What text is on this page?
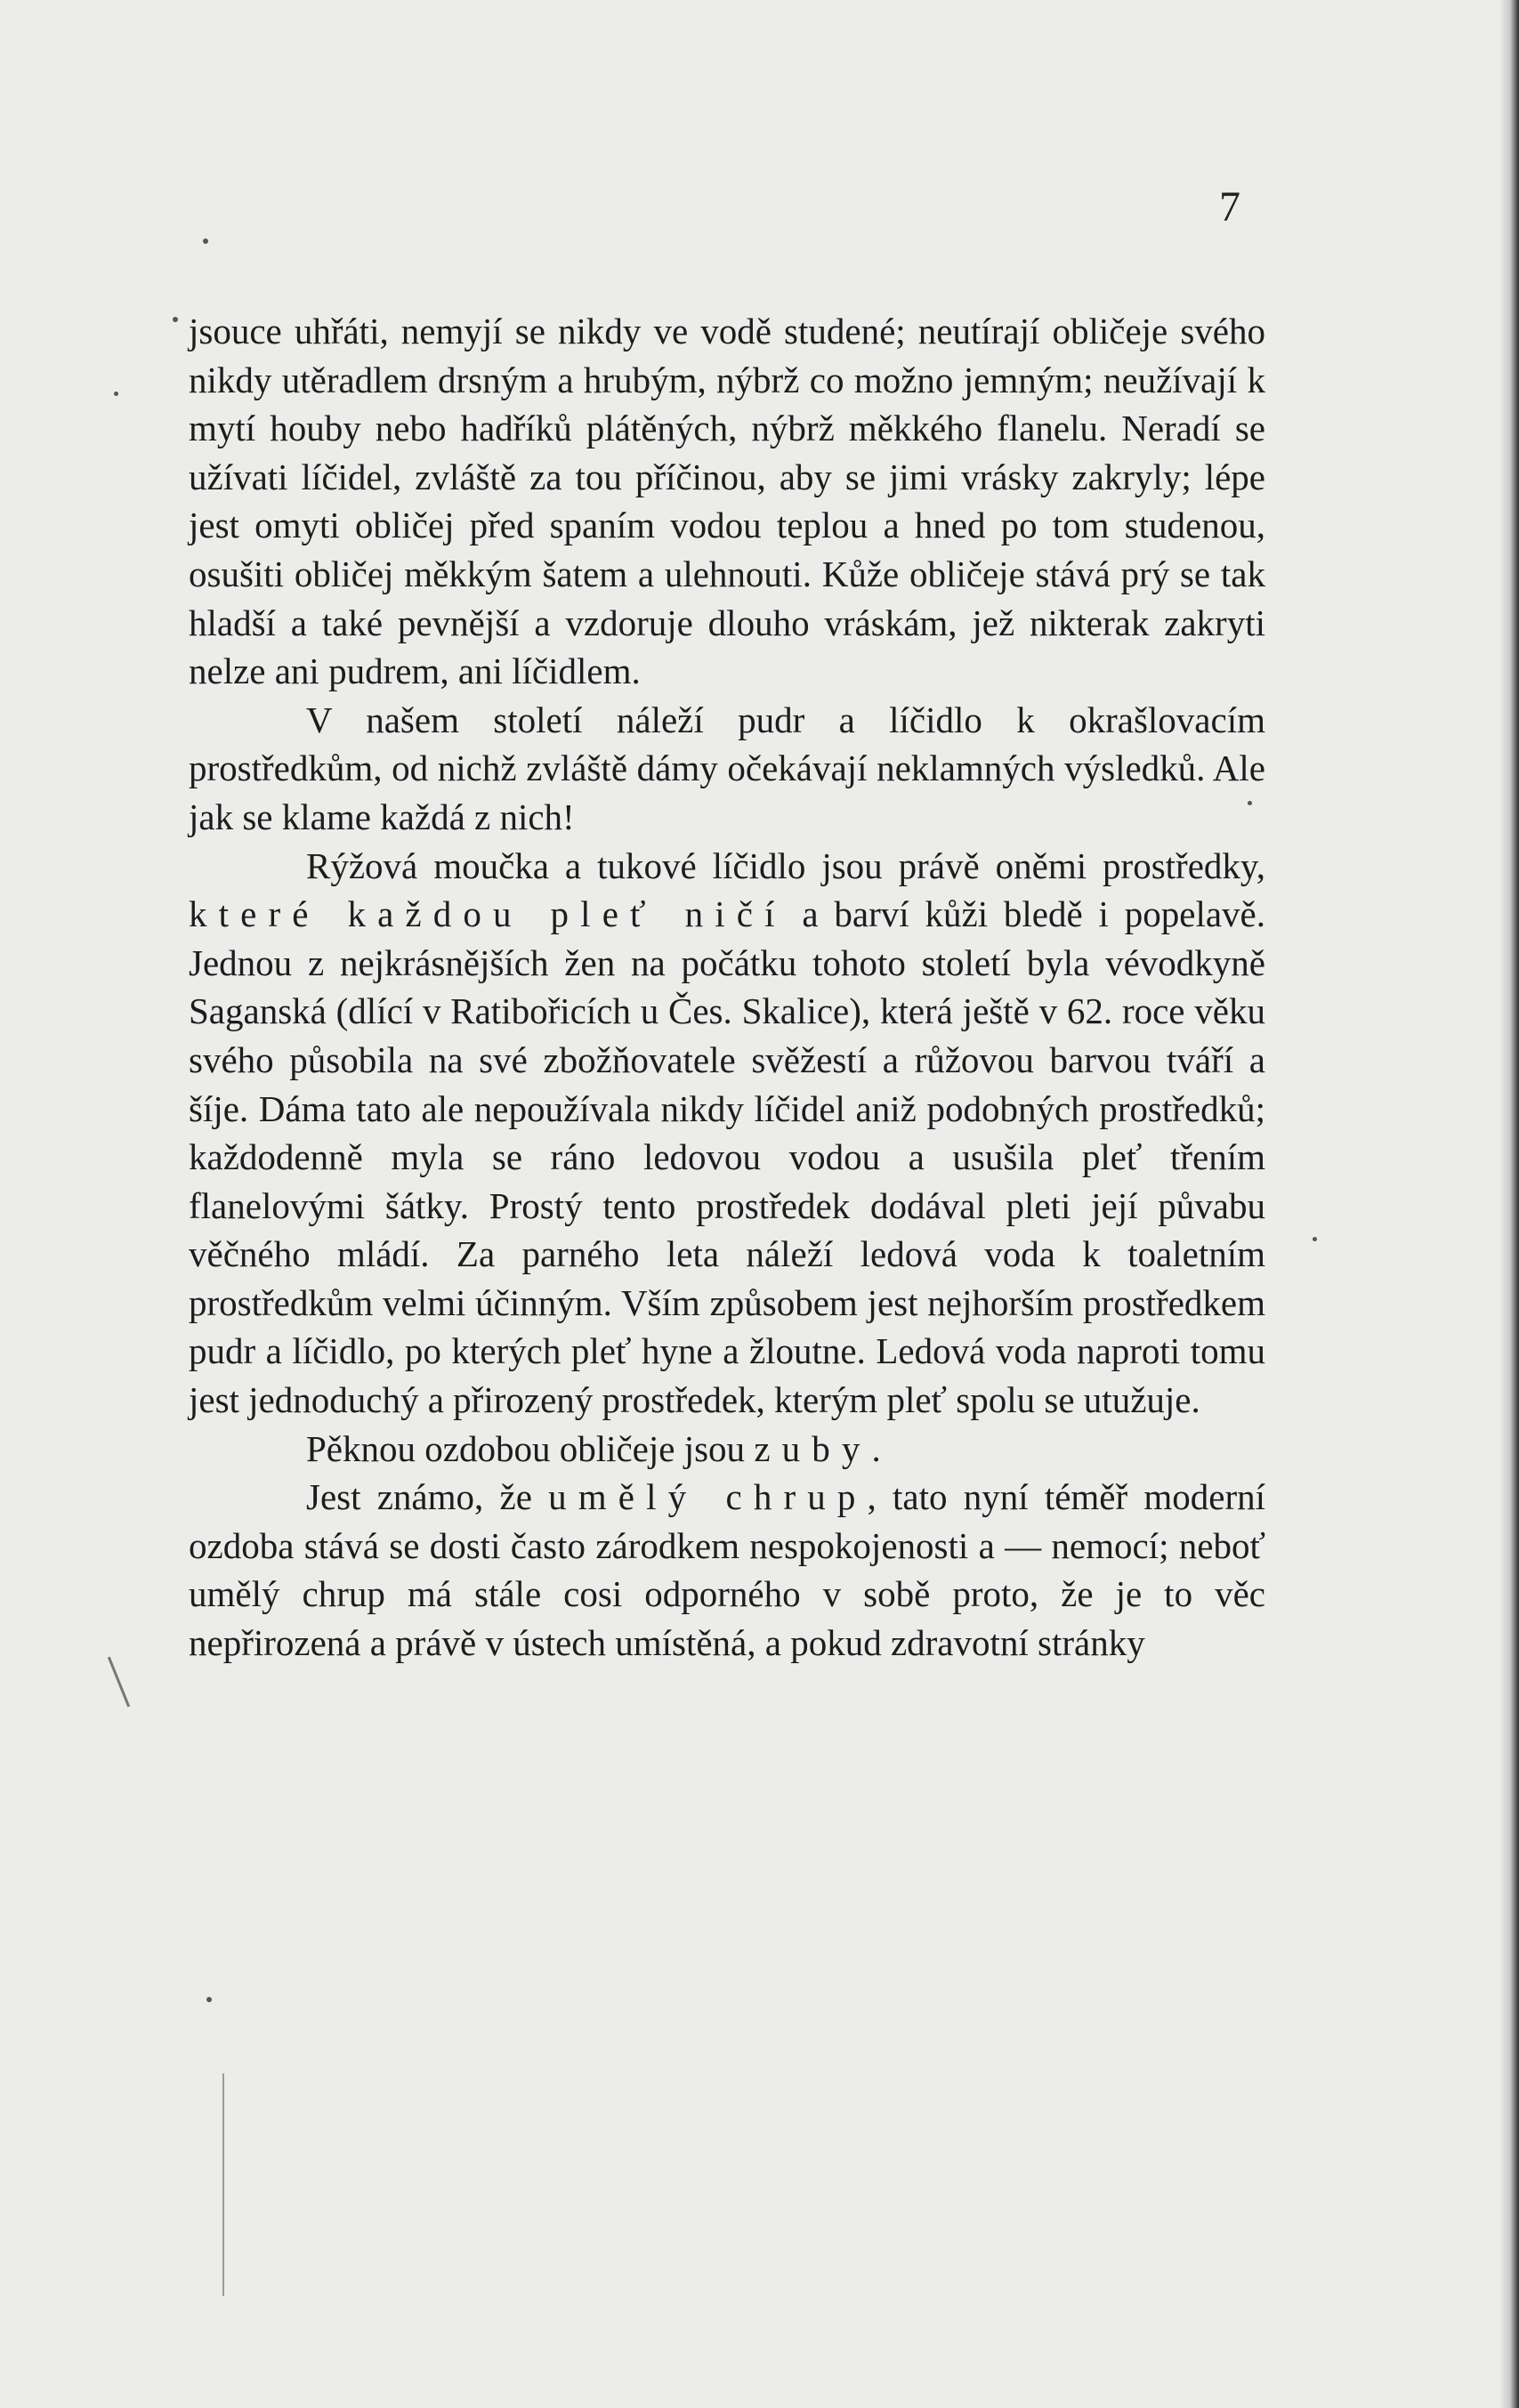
7

jsouce uhřáti, nemyjí se nikdy ve vodě studené; neutírají obličeje svého nikdy utěradlem drsným a hrubým, nýbrž co možno jemným; neužívají k mytí houby nebo hadříků plátěných, nýbrž měkkého flanelu. Neradí se užívati líčidel, zvláště za tou příčinou, aby se jimi vrásky zakryly; lépe jest omyti obličej před spaním vodou teplou a hned po tom studenou, osušiti obličej měkkým šatem a ulehnouti. Kůže obličeje stává prý se tak hladší a také pevnější a vzdoruje dlouho vráskám, jež nikterak zakryti nelze ani pudrem, ani líčidlem.

V našem století náleží pudr a líčidlo k okrašlovacím prostředkům, od nichž zvláště dámy očekávají neklamných výsledků. Ale jak se klame každá z nich!

Rýžová moučka a tukové líčidlo jsou právě oněmi prostředky, které každou pleť ničí a barví kůži bledě i popelavě. Jednou z nejkrásnějších žen na počátku tohoto století byla vévodkyně Saganská (dlící v Ratibořicích u Čes. Skalice), která ještě v 62. roce věku svého působila na své zbožňovatele svěžestí a růžovou barvou tváří a šíje. Dáma tato ale nepoužívala nikdy líčidel aniž podobných prostředků; každodenně myla se ráno ledovou vodou a usušila pleť třením flanelovými šátky. Prostý tento prostředek dodával pleti její půvabu věčného mládí. Za parného leta náleží ledová voda k toaletním prostředkům velmi účinným. Vším způsobem jest nejhorším prostředkem pudr a líčidlo, po kterých pleť hyne a žloutne. Ledová voda naproti tomu jest jednoduchý a přirozený prostředek, kterým pleť spolu se utužuje.

Pěknou ozdobou obličeje jsou zuby.

Jest známo, že umělý chrup, tato nyní téměř moderní ozdoba stává se dosti často zárodkem nespokojenosti a — nemocí; neboť umělý chrup má stále cosi odporného v sobě proto, že je to věc nepřirozená a právě v ústech umístěná, a pokud zdravotní stránky
